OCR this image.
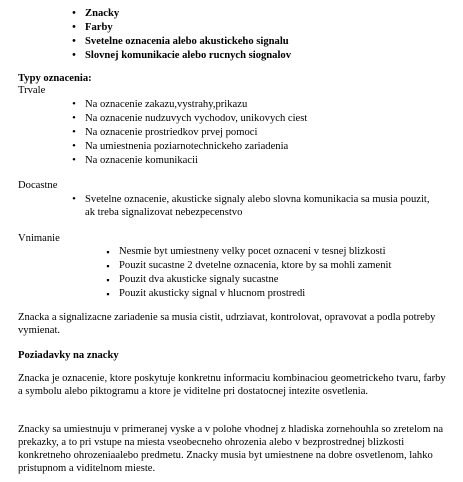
• Znacky
• Farby
• Svetelne oznacenia alebo akustickeho signalu
• Slovnej komunikacie alebo rucnych siognalov
Typy oznacenia:
Trvale
• Na oznacenie zakazu,vystrahy,prikazu
• Na oznacenie nudzuvych vychodov, unikovych ciest
• Na oznacenie prostriedkov prvej pomoci
• Na umiestnenia poziarnotechnickeho zariadenia
• Na oznacenie komunikacii
Docastne
• Svetelne oznacenie, akusticke signaly alebo slovna komunikacia sa musia pouzit, ak treba signalizovat nebezpecenstvo
Vnimanie
▪ Nesmie byt umiestneny velky pocet oznaceni v tesnej blizkosti
▪ Pouzit sucastne 2 dvetelne oznacenia, ktore by sa mohli zamenit
▪ Pouzit dva akusticke signaly sucastne
▪ Pouzit akusticky signal v hlucnom prostredi
Znacka a signalizacne zariadenie sa musia cistit, udrziavat, kontrolovat, opravovat a podla potreby vymienat.
Poziadavky na znacky
Znacka je oznacenie, ktore poskytuje konkretnu informaciu kombinaciou geometrickeho tvaru, farby a symbolu alebo piktogramu a ktore je viditelne pri dostatocnej intezite osvetlenia.
Znacky sa umiestnuju v primeranej vyske a v polohe vhodnej z hladiska zornehouhla so zretelom na prekazky, a to pri vstupe na miesta vseobecneho ohrozenia alebo v bezprostrednej blizkosti konkretneho ohrozeniaalebo predmetu. Znacky musia byt umiestnene na dobre osvetlenom, lahko pristupnom a viditelnom mieste.
